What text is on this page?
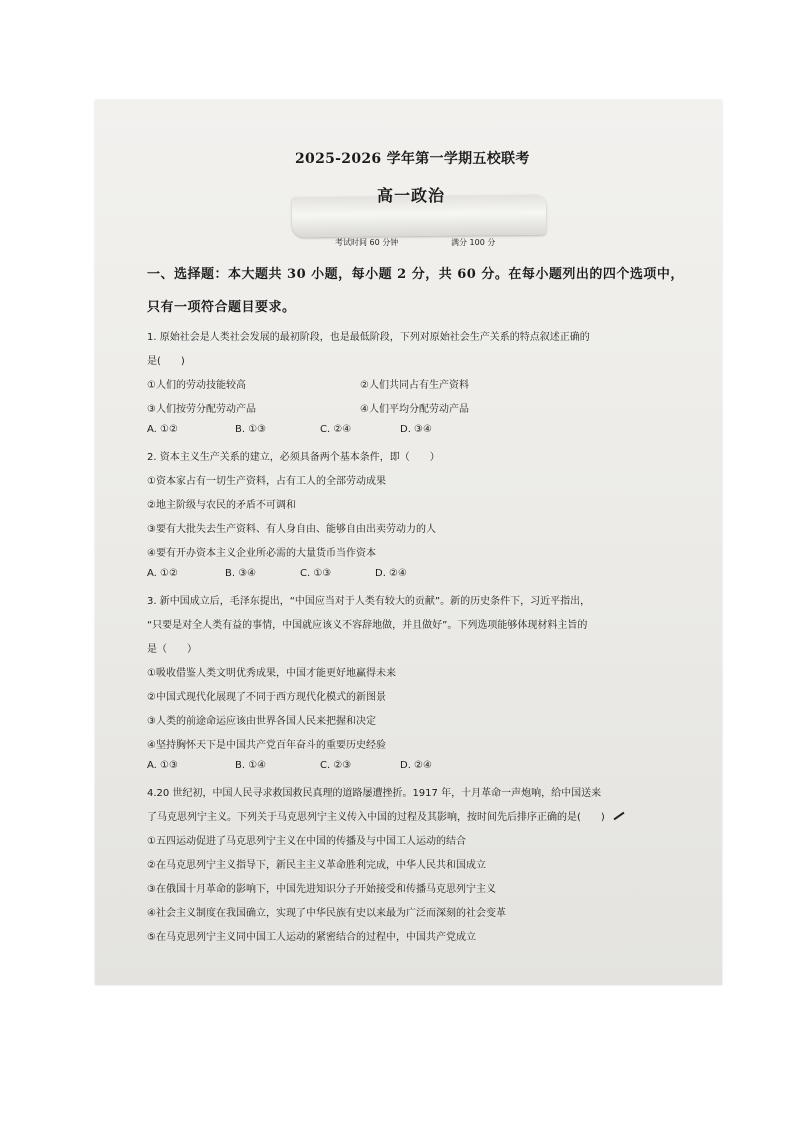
2025-2026 学年第一学期五校联考
高一政治
考试时间 60 分钟	满分 100 分
一、选择题：本大题共 30 小题，每小题 2 分，共 60 分。在每小题列出的四个选项中，
只有一项符合题目要求。
1. 原始社会是人类社会发展的最初阶段，也是最低阶段，下列对原始社会生产关系的特点叙述正确的
是(　　)
①人们的劳动技能较高	②人们共同占有生产资料
③人们按劳分配劳动产品	④人们平均分配劳动产品
A. ①②	B. ①③	C. ②④	D. ③④
2. 资本主义生产关系的建立，必须具备两个基本条件，即（　　）
①资本家占有一切生产资料，占有工人的全部劳动成果
②地主阶级与农民的矛盾不可调和
③要有大批失去生产资料、有人身自由、能够自由出卖劳动力的人
④要有开办资本主义企业所必需的大量货币当作资本
A. ①②	B. ③④	C. ①③	D. ②④
3. 新中国成立后，毛泽东提出，“中国应当对于人类有较大的贡献”。新的历史条件下，习近平指出，
“只要是对全人类有益的事情，中国就应该义不容辞地做，并且做好”。下列选项能够体现材料主旨的
是（　　）
①吸收借鉴人类文明优秀成果，中国才能更好地赢得未来
②中国式现代化展现了不同于西方现代化模式的新图景
③人类的前途命运应该由世界各国人民来把握和决定
④坚持胸怀天下是中国共产党百年奋斗的重要历史经验
A. ①③	B. ①④	C. ②③	D. ②④
4.20 世纪初，中国人民寻求救国救民真理的道路屡遭挫折。1917 年，十月革命一声炮响，给中国送来
了马克思列宁主义。下列关于马克思列宁主义传入中国的过程及其影响，按时间先后排序正确的是(　　)
①五四运动促进了马克思列宁主义在中国的传播及与中国工人运动的结合
②在马克思列宁主义指导下，新民主主义革命胜利完成，中华人民共和国成立
③在俄国十月革命的影响下，中国先进知识分子开始接受和传播马克思列宁主义
④社会主义制度在我国确立，实现了中华民族有史以来最为广泛而深刻的社会变革
⑤在马克思列宁主义同中国工人运动的紧密结合的过程中，中国共产党成立
